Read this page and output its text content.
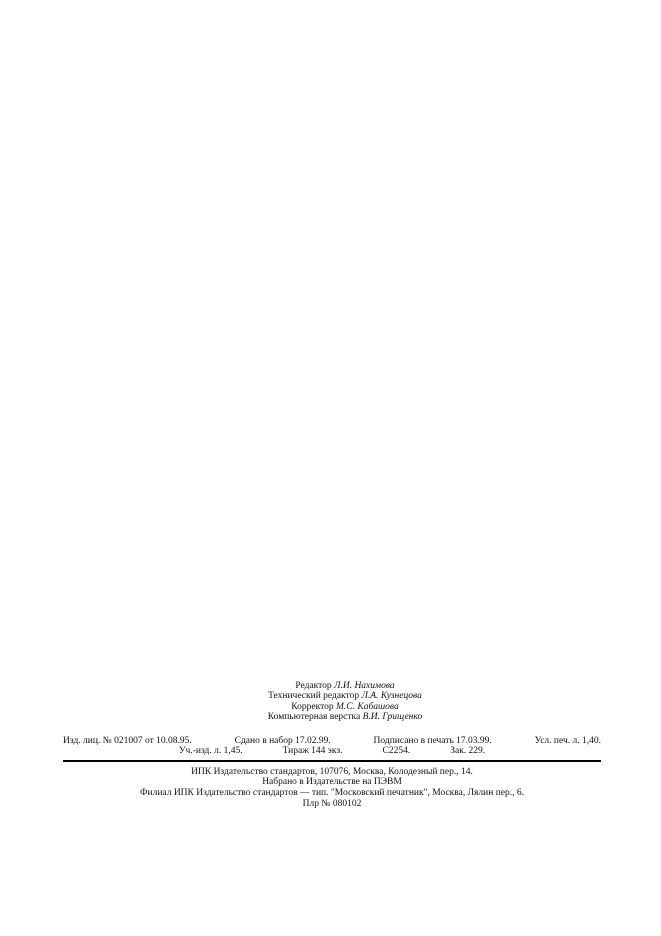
Редактор Л.И. Нахимова
Технический редактор Л.А. Кузнецова
Корректор М.С. Кабашова
Компьютерная верстка В.И. Грищенко
Изд. лиц. № 021007 от 10.08.95.	Сдано в набор 17.02.99.	Подписано в печать 17.03.99.	Усл. печ. л. 1,40.
Уч.-изд. л. 1,45.	Тираж 144 экз.	С2254.	Зак. 229.
ИПК Издательство стандартов, 107076, Москва, Колодезный пер., 14.
Набрано в Издательстве на ПЭВМ
Филиал ИПК Издательство стандартов — тип. "Московский печатник", Москва, Лялин пер., 6.
Плр № 080102
